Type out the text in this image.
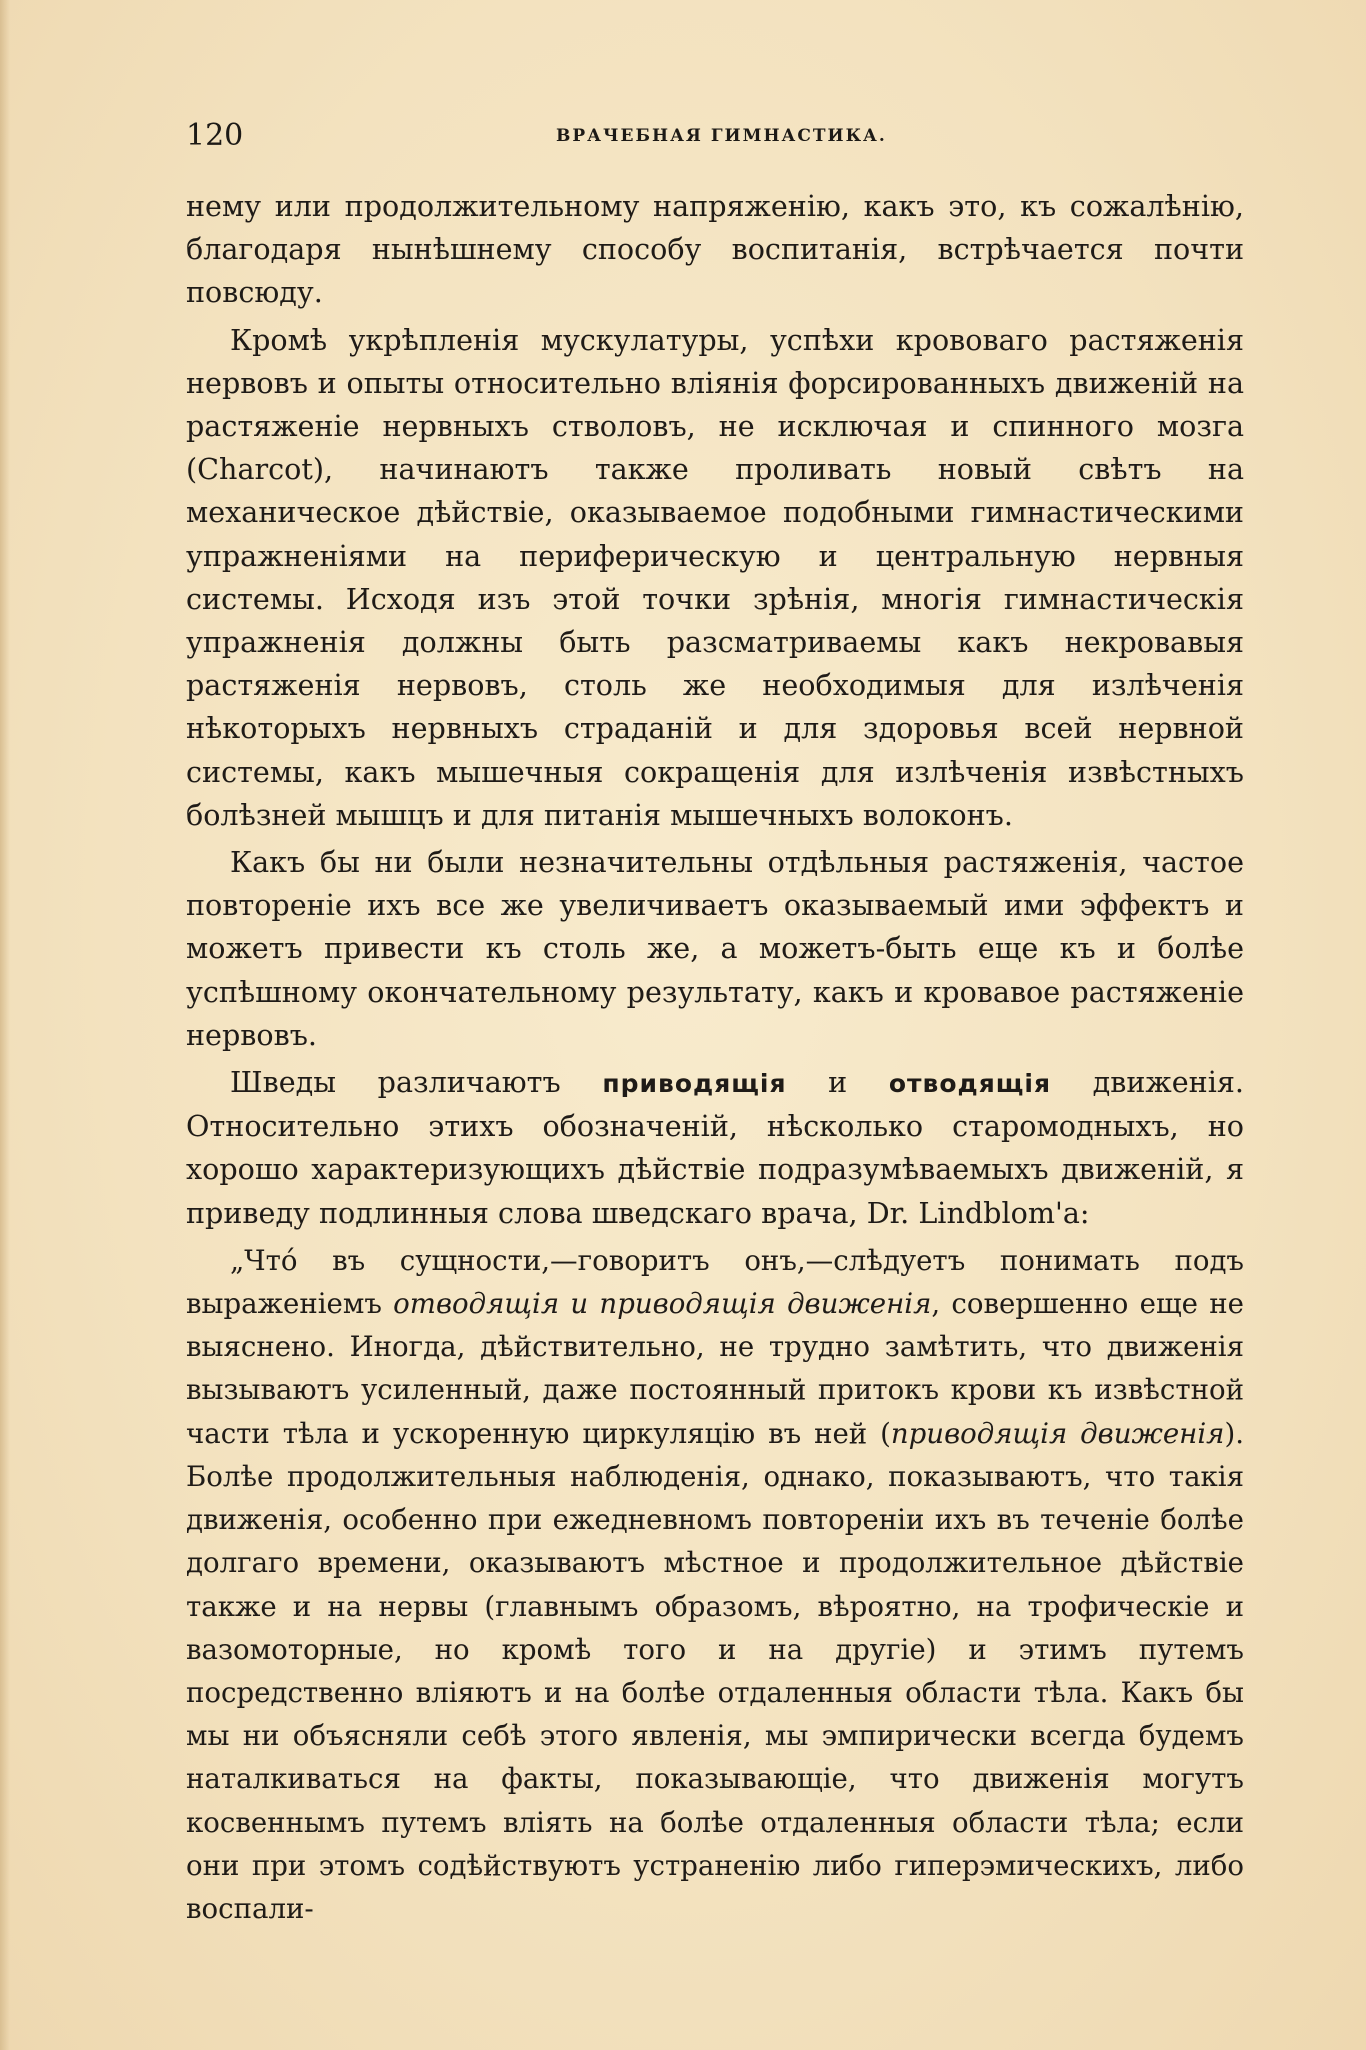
120	ВРАЧЕБНАЯ ГИМНАСТИКА.

нему или продолжительному напряженію, какъ это, къ сожалѣнію, благодаря нынѣшнему способу воспитанія, встрѣчается почти повсюду.

Кромѣ укрѣпленія мускулатуры, успѣхи крововаго растяженія нервовъ и опыты относительно вліянія форсированныхъ движеній на растяженіе нервныхъ стволовъ, не исключая и спинного мозга (Charcot), начинаютъ также проливать новый свѣтъ на механическое дѣйствіе, оказываемое подобными гимнастическими упражненіями на периферическую и центральную нервныя системы. Исходя изъ этой точки зрѣнія, многія гимнастическія упражненія должны быть разсматриваемы какъ некровавыя растяженія нервовъ, столь же необходимыя для излѣченія нѣкоторыхъ нервныхъ страданій и для здоровья всей нервной системы, какъ мышечныя сокращенія для излѣченія извѣстныхъ болѣзней мышцъ и для питанія мышечныхъ волоконъ.

Какъ бы ни были незначительны отдѣльныя растяженія, частое повтореніе ихъ все же увеличиваетъ оказываемый ими эффектъ и можетъ привести къ столь же, а можетъ-быть еще къ и болѣе успѣшному окончательному результату, какъ и кровавое растяженіе нервовъ.

Шведы различаютъ приводящія и отводящія движенія. Относительно этихъ обозначеній, нѣсколько старомодныхъ, но хорошо характеризующихъ дѣйствіе подразумѣваемыхъ движеній, я приведу подлинныя слова шведскаго врача, Dr. Lindblom'а:

„Чтó въ сущности,—говоритъ онъ,—слѣдуетъ понимать подъ выраженіемъ отводящія и приводящія движенія, совершенно еще не выяснено. Иногда, дѣйствительно, не трудно замѣтить, что движенія вызываютъ усиленный, даже постоянный притокъ крови къ извѣстной части тѣла и ускоренную циркуляцію въ ней (приводящія движенія). Болѣе продолжительныя наблюденія, однако, показываютъ, что такія движенія, особенно при ежедневномъ повтореніи ихъ въ теченіе болѣе долгаго времени, оказываютъ мѣстное и продолжительное дѣйствіе также и на нервы (главнымъ образомъ, вѣроятно, на трофическіе и вазомоторные, но кромѣ того и на другіе) и этимъ путемъ посредственно вліяютъ и на болѣе отдаленныя области тѣла. Какъ бы мы ни объясняли себѣ этого явленія, мы эмпирически всегда будемъ наталкиваться на факты, показывающіе, что движенія могутъ косвеннымъ путемъ вліять на болѣе отдаленныя области тѣла; если они при этомъ содѣйствуютъ устраненію либо гиперэмическихъ, либо воспали-
